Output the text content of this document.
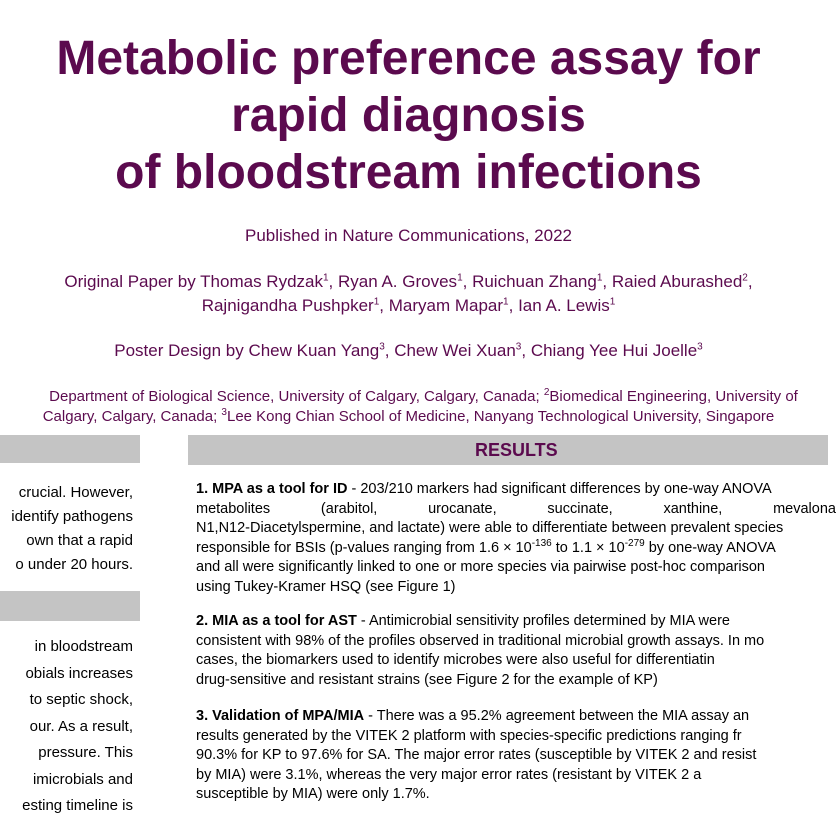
Metabolic preference assay for
rapid diagnosis
of bloodstream infections
Published in Nature Communications, 2022
Original Paper by Thomas Rydzak$^1$, Ryan A. Groves$^1$, Ruichuan Zhang$^1$, Raied Aburashed$^2$,
Rajnigandha Pushpker$^1$, Maryam Mapar$^1$, Ian A. Lewis$^1$
Poster Design by Chew Kuan Yang$^3$, Chew Wei Xuan$^3$, Chiang Yee Hui Joelle$^3$
Department of Biological Science, University of Calgary, Calgary, Canada; $^2$Biomedical Engineering, University of
Calgary, Calgary, Canada; $^3$Lee Kong Chian School of Medicine, Nanyang Technological University, Singapore
RESULTS
crucial. However,
identify pathogens
own that a rapid
o under 20 hours.
in bloodstream
obials increases
to septic shock,
our. As a result,
pressure. This
imicrobials and
esting timeline is
1. MPA as a tool for ID - 203/210 markers had significant differences by one-way ANOVA
metabolites	(arabitol,	urocanate,	succinate,	xanthine,	mevalona
N1,N12-Diacetylspermine, and lactate) were able to differentiate between prevalent species
responsible for BSIs (p-values ranging from $1.6 \times 10^{-136}$ to $1.1 \times 10^{-279}$ by one-way ANOVA
and all were significantly linked to one or more species via pairwise post-hoc comparison
using Tukey-Kramer HSQ (see Figure 1)
2. MIA as a tool for AST - Antimicrobial sensitivity profiles determined by MIA were
consistent with 98% of the profiles observed in traditional microbial growth assays. In mo
cases, the biomarkers used to identify microbes were also useful for differentiatin
drug-sensitive and resistant strains (see Figure 2 for the example of KP)
3. Validation of MPA/MIA - There was a 95.2% agreement between the MIA assay an
results generated by the VITEK 2 platform with species-specific predictions ranging fr
90.3% for KP to 97.6% for SA. The major error rates (susceptible by VITEK 2 and resist
by MIA) were 3.1%, whereas the very major error rates (resistant by VITEK 2 a
susceptible by MIA) were only 1.7%.
